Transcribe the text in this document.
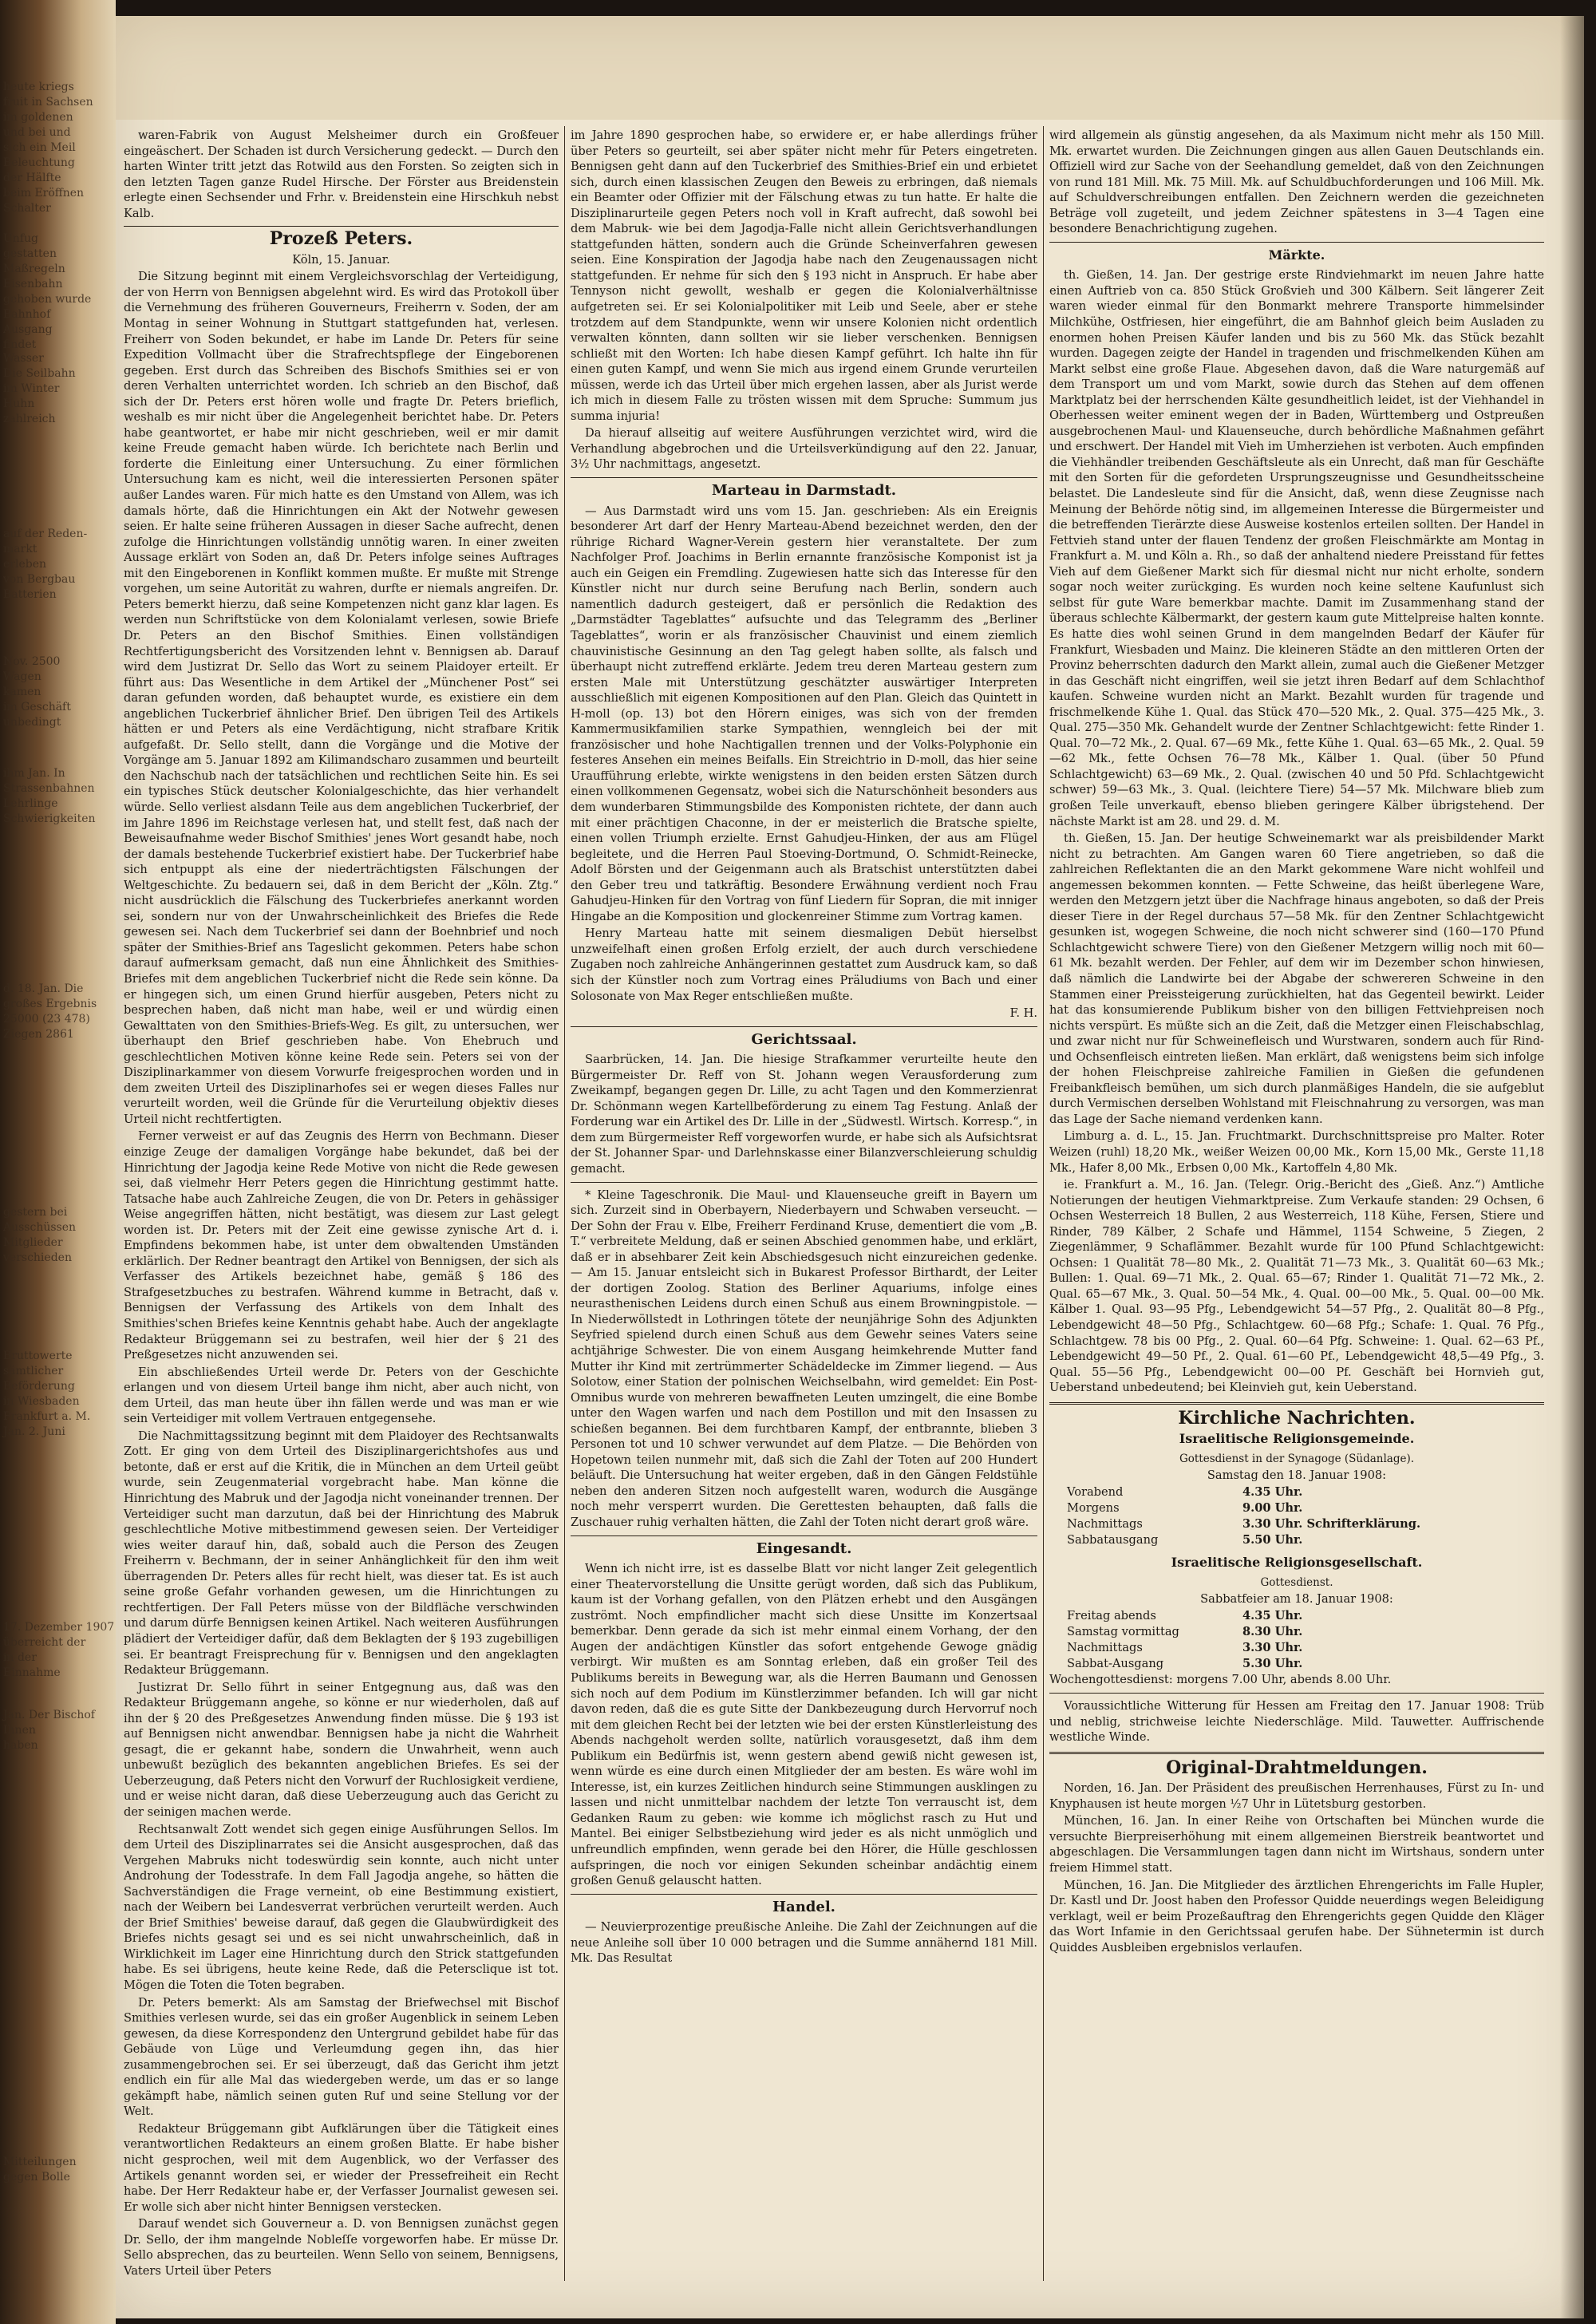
heute kriegs
fruit in Sachsen
im goldenen
und bei und
sich ein Meil
Beleuchtung
der Hälfte
beim Eröffnen
Schalter
Unfug
gestatten
Maßregeln
Eisenbahn
gehoben wurde
Bahnhof
Ausgang
findet
Wasser
Die Seilbahn
im Winter
Huhn
zahlreich
auf der Reden-
markt
erleben
von Bergbau
Batterien
Nov. 2500
Wagen
kamen
im Geschäft
unbedingt
ihm Jan. In
Strassenbahnen
Lehrlinge
Schwierigkeiten
d. 18. Jan. Die
großes Ergebnis
25000 (23 478)
Ziegen 2861
gestern bei
Ausschüssen
Mitglieder
verschieden
Bruttowerte
sämtlicher
Beförderung
in Wiesbaden
Frankfurt a. M.
Jan. 2. Juni
17. Dezember 1907
überreicht der
in der
Einnahme
Jan. Der Bischof
Ihnen
haben
Mitteilungen
gegen Bolle

waren-Fabrik von August Melsheimer durch ein Großfeuer eingeäschert. Der Schaden ist durch Versicherung gedeckt. — Durch den harten Winter tritt jetzt das Rotwild aus den Forsten. So zeigten sich in den letzten Tagen ganze Rudel Hirsche. Der Förster aus Breidenstein erlegte einen Sechsender und Frhr. v. Breidenstein eine Hirschkuh nebst Kalb.

Prozeß Peters.

Köln, 15. Januar.

Die Sitzung beginnt mit einem Vergleichsvorschlag der Verteidigung, der von Herrn von Bennigsen abgelehnt wird. Es wird das Protokoll über die Vernehmung des früheren Gouverneurs, Freiherrn v. Soden, der am Montag in seiner Wohnung in Stuttgart stattgefunden hat, verlesen. Freiherr von Soden bekundet, er habe im Lande Dr. Peters für seine Expedition Vollmacht über die Strafrechtspflege der Eingeborenen gegeben. Erst durch das Schreiben des Bischofs Smithies sei er von deren Verhalten unterrichtet worden. Ich schrieb an den Bischof, daß sich der Dr. Peters erst hören wolle und fragte Dr. Peters brieflich, weshalb es mir nicht über die Angelegenheit berichtet habe. Dr. Peters habe geantwortet, er habe mir nicht geschrieben, weil er mir damit keine Freude gemacht haben würde. Ich berichtete nach Berlin und forderte die Einleitung einer Untersuchung. Zu einer förmlichen Untersuchung kam es nicht, weil die interessierten Personen später außer Landes waren. Für mich hatte es den Umstand von Allem, was ich damals hörte, daß die Hinrichtungen ein Akt der Notwehr gewesen seien. Er halte seine früheren Aussagen in dieser Sache aufrecht, denen zufolge die Hinrichtungen vollständig unnötig waren. In einer zweiten Aussage erklärt von Soden an, daß Dr. Peters infolge seines Auftrages mit den Eingeborenen in Konflikt kommen mußte. Er mußte mit Strenge vorgehen, um seine Autorität zu wahren, durfte er niemals angreifen. Dr. Peters bemerkt hierzu, daß seine Kompetenzen nicht ganz klar lagen. Es werden nun Schriftstücke von dem Kolonialamt verlesen, sowie Briefe Dr. Peters an den Bischof Smithies. Einen vollständigen Rechtfertigungsbericht des Vorsitzenden lehnt v. Bennigsen ab. Darauf wird dem Justizrat Dr. Sello das Wort zu seinem Plaidoyer erteilt. Er führt aus: Das Wesentliche in dem Artikel der „Münchener Post“ sei daran gefunden worden, daß behauptet wurde, es existiere ein dem angeblichen Tuckerbrief ähnlicher Brief. Den übrigen Teil des Artikels hätten er und Peters als eine Verdächtigung, nicht strafbare Kritik aufgefaßt. Dr. Sello stellt, dann die Vorgänge und die Motive der Vorgänge am 5. Januar 1892 am Kilimandscharo zusammen und beurteilt den Nachschub nach der tatsächlichen und rechtlichen Seite hin. Es sei ein typisches Stück deutscher Kolonialgeschichte, das hier verhandelt würde. Sello verliest alsdann Teile aus dem angeblichen Tuckerbrief, der im Jahre 1896 im Reichstage verlesen hat, und stellt fest, daß nach der Beweisaufnahme weder Bischof Smithies' jenes Wort gesandt habe, noch der damals bestehende Tuckerbrief existiert habe. Der Tuckerbrief habe sich entpuppt als eine der niederträchtigsten Fälschungen der Weltgeschichte. Zu bedauern sei, daß in dem Bericht der „Köln. Ztg.“ nicht ausdrücklich die Fälschung des Tuckerbriefes anerkannt worden sei, sondern nur von der Unwahrscheinlichkeit des Briefes die Rede gewesen sei. Nach dem Tuckerbrief sei dann der Boehnbrief und noch später der Smithies-Brief ans Tageslicht gekommen. Peters habe schon darauf aufmerksam gemacht, daß nun eine Ähnlichkeit des Smithies-Briefes mit dem angeblichen Tuckerbrief nicht die Rede sein könne. Da er hingegen sich, um einen Grund hierfür ausgeben, Peters nicht zu besprechen haben, daß nicht man habe, weil er und würdig einen Gewalttaten von den Smithies-Briefs-Weg. Es gilt, zu untersuchen, wer überhaupt den Brief geschrieben habe. Von Ehebruch und geschlechtlichen Motiven könne keine Rede sein. Peters sei von der Disziplinarkammer von diesem Vorwurfe freigesprochen worden und in dem zweiten Urteil des Disziplinarhofes sei er wegen dieses Falles nur verurteilt worden, weil die Gründe für die Verurteilung objektiv dieses Urteil nicht rechtfertigten.

Ferner verweist er auf das Zeugnis des Herrn von Bechmann. Dieser einzige Zeuge der damaligen Vorgänge habe bekundet, daß bei der Hinrichtung der Jagodja keine Rede Motive von nicht die Rede gewesen sei, daß vielmehr Herr Peters gegen die Hinrichtung gestimmt hatte. Tatsache habe auch Zahlreiche Zeugen, die von Dr. Peters in gehässiger Weise angegriffen hätten, nicht bestätigt, was diesem zur Last gelegt worden ist. Dr. Peters mit der Zeit eine gewisse zynische Art d. i. Empfindens bekommen habe, ist unter dem obwaltenden Umständen erklärlich. Der Redner beantragt den Artikel von Bennigsen, der sich als Verfasser des Artikels bezeichnet habe, gemäß § 186 des Strafgesetzbuches zu bestrafen. Während kumme in Betracht, daß v. Bennigsen der Verfassung des Artikels von dem Inhalt des Smithies'schen Briefes keine Kenntnis gehabt habe. Auch der angeklagte Redakteur Brüggemann sei zu bestrafen, weil hier der § 21 des Preßgesetzes nicht anzuwenden sei.

Ein abschließendes Urteil werde Dr. Peters von der Geschichte erlangen und von diesem Urteil bange ihm nicht, aber auch nicht, von dem Urteil, das man heute über ihn fällen werde und was man er wie sein Verteidiger mit vollem Vertrauen entgegensehe.

Die Nachmittagssitzung beginnt mit dem Plaidoyer des Rechtsanwalts Zott. Er ging von dem Urteil des Disziplinargerichtshofes aus und betonte, daß er erst auf die Kritik, die in München an dem Urteil geübt wurde, sein Zeugenmaterial vorgebracht habe. Man könne die Hinrichtung des Mabruk und der Jagodja nicht voneinander trennen. Der Verteidiger sucht man darzutun, daß bei der Hinrichtung des Mabruk geschlechtliche Motive mitbestimmend gewesen seien. Der Verteidiger wies weiter darauf hin, daß, sobald auch die Person des Zeugen Freiherrn v. Bechmann, der in seiner Anhänglichkeit für den ihm weit überragenden Dr. Peters alles für recht hielt, was dieser tat. Es ist auch seine große Gefahr vorhanden gewesen, um die Hinrichtungen zu rechtfertigen. Der Fall Peters müsse von der Bildfläche verschwinden und darum dürfe Bennigsen keinen Artikel. Nach weiteren Ausführungen plädiert der Verteidiger dafür, daß dem Beklagten der § 193 zugebilligen sei. Er beantragt Freisprechung für v. Bennigsen und den angeklagten Redakteur Brüggemann.

Justizrat Dr. Sello führt in seiner Entgegnung aus, daß was den Redakteur Brüggemann angehe, so könne er nur wiederholen, daß auf ihn der § 20 des Preßgesetzes Anwendung finden müsse. Die § 193 ist auf Bennigsen nicht anwendbar. Bennigsen habe ja nicht die Wahrheit gesagt, die er gekannt habe, sondern die Unwahrheit, wenn auch unbewußt bezüglich des bekannten angeblichen Briefes. Es sei der Ueberzeugung, daß Peters nicht den Vorwurf der Ruchlosigkeit verdiene, und er weise nicht daran, daß diese Ueberzeugung auch das Gericht zu der seinigen machen werde.

Rechtsanwalt Zott wendet sich gegen einige Ausführungen Sellos. Im dem Urteil des Disziplinarrates sei die Ansicht ausgesprochen, daß das Vergehen Mabruks nicht todeswürdig sein konnte, auch nicht unter Androhung der Todesstrafe. In dem Fall Jagodja angehe, so hätten die Sachverständigen die Frage verneint, ob eine Bestimmung existiert, nach der Weibern bei Landesverrat verbrüchen verurteilt werden. Auch der Brief Smithies' beweise darauf, daß gegen die Glaubwürdigkeit des Briefes nichts gesagt sei und es sei nicht unwahrscheinlich, daß in Wirklichkeit im Lager eine Hinrichtung durch den Strick stattgefunden habe. Es sei übrigens, heute keine Rede, daß die Petersclique ist tot. Mögen die Toten die Toten begraben.

Dr. Peters bemerkt: Als am Samstag der Briefwechsel mit Bischof Smithies verlesen wurde, sei das ein großer Augenblick in seinem Leben gewesen, da diese Korrespondenz den Untergrund gebildet habe für das Gebäude von Lüge und Verleumdung gegen ihn, das hier zusammengebrochen sei. Er sei überzeugt, daß das Gericht ihm jetzt endlich ein für alle Mal das wiedergeben werde, um das er so lange gekämpft habe, nämlich seinen guten Ruf und seine Stellung vor der Welt.

Redakteur Brüggemann gibt Aufklärungen über die Tätigkeit eines verantwortlichen Redakteurs an einem großen Blatte. Er habe bisher nicht gesprochen, weil mit dem Augenblick, wo der Verfasser des Artikels genannt worden sei, er wieder der Pressefreiheit ein Recht habe. Der Herr Redakteur habe er, der Verfasser Journalist gewesen sei. Er wolle sich aber nicht hinter Bennigsen verstecken.

Darauf wendet sich Gouverneur a. D. von Bennigsen zunächst gegen Dr. Sello, der ihm mangelnde Nobleſſe vorgeworfen habe. Er müsse Dr. Sello absprechen, das zu beurteilen. Wenn Sello von seinem, Bennigsens, Vaters Urteil über Peters

im Jahre 1890 gesprochen habe, so erwidere er, er habe allerdings früher über Peters so geurteilt, sei aber später nicht mehr für Peters eingetreten. Bennigsen geht dann auf den Tuckerbrief des Smithies-Brief ein und erbietet sich, durch einen klassischen Zeugen den Beweis zu erbringen, daß niemals ein Beamter oder Offizier mit der Fälschung etwas zu tun hatte. Er halte die Disziplinarurteile gegen Peters noch voll in Kraft aufrecht, daß sowohl bei dem Mabruk- wie bei dem Jagodja-Falle nicht allein Gerichtsverhandlungen stattgefunden hätten, sondern auch die Gründe Scheinverfahren gewesen seien. Eine Konspiration der Jagodja habe nach den Zeugenaussagen nicht stattgefunden. Er nehme für sich den § 193 nicht in Anspruch. Er habe aber Tennyson nicht gewollt, weshalb er gegen die Kolonialverhältnisse aufgetreten sei. Er sei Kolonialpolitiker mit Leib und Seele, aber er stehe trotzdem auf dem Standpunkte, wenn wir unsere Kolonien nicht ordentlich verwalten könnten, dann sollten wir sie lieber verschenken. Bennigsen schließt mit den Worten: Ich habe diesen Kampf geführt. Ich halte ihn für einen guten Kampf, und wenn Sie mich aus irgend einem Grunde verurteilen müssen, werde ich das Urteil über mich ergehen lassen, aber als Jurist werde ich mich in diesem Falle zu trösten wissen mit dem Spruche: Summum jus summa injuria!

Da hierauf allseitig auf weitere Ausführungen verzichtet wird, wird die Verhandlung abgebrochen und die Urteilsverkündigung auf den 22. Januar, 3½ Uhr nachmittags, angesetzt.

Marteau in Darmstadt.

— Aus Darmstadt wird uns vom 15. Jan. geschrieben: Als ein Ereignis besonderer Art darf der Henry Marteau-Abend bezeichnet werden, den der rührige Richard Wagner-Verein gestern hier veranstaltete. Der zum Nachfolger Prof. Joachims in Berlin ernannte französische Komponist ist ja auch ein Geigen ein Fremdling. Zugewiesen hatte sich das Interesse für den Künstler nicht nur durch seine Berufung nach Berlin, sondern auch namentlich dadurch gesteigert, daß er persönlich die Redaktion des „Darmstädter Tageblattes“ aufsuchte und das Telegramm des „Berliner Tageblattes“, worin er als französischer Chauvinist und einem ziemlich chauvinistische Gesinnung an den Tag gelegt haben sollte, als falsch und überhaupt nicht zutreffend erklärte. Jedem treu deren Marteau gestern zum ersten Male mit Unterstützung geschätzter auswärtiger Interpreten ausschließlich mit eigenen Kompositionen auf den Plan. Gleich das Quintett in H-moll (op. 13) bot den Hörern einiges, was sich von der fremden Kammermusikfamilien starke Sympathien, wenngleich bei der mit französischer und hohe Nachtigallen trennen und der Volks-Polyphonie ein festeres Ansehen ein meines Beifalls. Ein Streichtrio in D-moll, das hier seine Uraufführung erlebte, wirkte wenigstens in den beiden ersten Sätzen durch einen vollkommenen Gegensatz, wobei sich die Naturschönheit besonders aus dem wunderbaren Stimmungsbilde des Komponisten richtete, der dann auch mit einer prächtigen Chaconne, in der er meisterlich die Bratsche spielte, einen vollen Triumph erzielte. Ernst Gahudjeu-Hinken, der aus am Flügel begleitete, und die Herren Paul Stoeving-Dortmund, O. Schmidt-Reinecke, Adolf Börsten und der Geigenmann auch als Bratschist unterstützten dabei den Geber treu und tatkräftig. Besondere Erwähnung verdient noch Frau Gahudjeu-Hinken für den Vortrag von fünf Liedern für Sopran, die mit inniger Hingabe an die Komposition und glockenreiner Stimme zum Vortrag kamen.

Henry Marteau hatte mit seinem diesmaligen Debüt hierselbst unzweifelhaft einen großen Erfolg erzielt, der auch durch verschiedene Zugaben noch zahlreiche Anhängerinnen gestattet zum Ausdruck kam, so daß sich der Künstler noch zum Vortrag eines Präludiums von Bach und einer Solosonate von Max Reger entschließen mußte.

F. H.

Gerichtssaal.

Saarbrücken, 14. Jan. Die hiesige Strafkammer verurteilte heute den Bürgermeister Dr. Reff von St. Johann wegen Verausforderung zum Zweikampf, begangen gegen Dr. Lille, zu acht Tagen und den Kommerzienrat Dr. Schönmann wegen Kartellbeförderung zu einem Tag Festung. Anlaß der Forderung war ein Artikel des Dr. Lille in der „Südwestl. Wirtsch. Korresp.“, in dem zum Bürgermeister Reff vorgeworfen wurde, er habe sich als Aufsichtsrat der St. Johanner Spar- und Darlehnskasse einer Bilanzverschleierung schuldig gemacht.

* Kleine Tageschronik. Die Maul- und Klauenseuche greift in Bayern um sich. Zurzeit sind in Oberbayern, Niederbayern und Schwaben verseucht. — Der Sohn der Frau v. Elbe, Freiherr Ferdinand Kruse, dementiert die vom „B. T.“ verbreitete Meldung, daß er seinen Abschied genommen habe, und erklärt, daß er in absehbarer Zeit kein Abschiedsgesuch nicht einzureichen gedenke. — Am 15. Januar entsleicht sich in Bukarest Professor Birthardt, der Leiter der dortigen Zoolog. Station des Berliner Aquariums, infolge eines neurasthenischen Leidens durch einen Schuß aus einem Browningpistole. — In Niederwöllstedt in Lothringen tötete der neunjährige Sohn des Adjunkten Seyfried spielend durch einen Schuß aus dem Gewehr seines Vaters seine achtjährige Schwester. Die von einem Ausgang heimkehrende Mutter fand Mutter ihr Kind mit zertrümmerter Schädeldecke im Zimmer liegend. — Aus Solotow, einer Station der polnischen Weichselbahn, wird gemeldet: Ein Post-Omnibus wurde von mehreren bewaffneten Leuten umzingelt, die eine Bombe unter den Wagen warfen und nach dem Postillon und mit den Insassen zu schießen begannen. Bei dem furchtbaren Kampf, der entbrannte, blieben 3 Personen tot und 10 schwer verwundet auf dem Platze. — Die Behörden von Hopetown teilen nunmehr mit, daß sich die Zahl der Toten auf 200 Hundert beläuft. Die Untersuchung hat weiter ergeben, daß in den Gängen Feldstühle neben den anderen Sitzen noch aufgestellt waren, wodurch die Ausgänge noch mehr versperrt wurden. Die Gerettesten behaupten, daß falls die Zuschauer ruhig verhalten hätten, die Zahl der Toten nicht derart groß wäre.

Eingesandt.

Wenn ich nicht irre, ist es dasselbe Blatt vor nicht langer Zeit gelegentlich einer Theatervorstellung die Unsitte gerügt worden, daß sich das Publikum, kaum ist der Vorhang gefallen, von den Plätzen erhebt und den Ausgängen zuströmt. Noch empfindlicher macht sich diese Unsitte im Konzertsaal bemerkbar. Denn gerade da sich ist mehr einmal einem Vorhang, der den Augen der andächtigen Künstler das sofort entgehende Gewoge gnädig verbirgt. Wir mußten es am Sonntag erleben, daß ein großer Teil des Publikums bereits in Bewegung war, als die Herren Baumann und Genossen sich noch auf dem Podium im Künstlerzimmer befanden. Ich will gar nicht davon reden, daß die es gute Sitte der Dankbezeugung durch Hervorruf noch mit dem gleichen Recht bei der letzten wie bei der ersten Künstlerleistung des Abends nachgeholt werden sollte, natürlich vorausgesetzt, daß ihm dem Publikum ein Bedürfnis ist, wenn gestern abend gewiß nicht gewesen ist, wenn würde es eine durch einen Mitglieder der am besten. Es wäre wohl im Interesse, ist, ein kurzes Zeitlichen hindurch seine Stimmungen ausklingen zu lassen und nicht unmittelbar nachdem der letzte Ton verrauscht ist, dem Gedanken Raum zu geben: wie komme ich möglichst rasch zu Hut und Mantel. Bei einiger Selbstbeziehung wird jeder es als nicht unmöglich und unfreundlich empfinden, wenn gerade bei den Hörer, die Hülle geschlossen aufspringen, die noch vor einigen Sekunden scheinbar andächtig einem großen Genuß gelauscht hatten.

Handel.

— Neuvierprozentige preußische Anleihe. Die Zahl der Zeichnungen auf die neue Anleihe soll über 10 000 betragen und die Summe annähernd 181 Mill. Mk. Das Resultat

wird allgemein als günstig angesehen, da als Maximum nicht mehr als 150 Mill. Mk. erwartet wurden. Die Zeichnungen gingen aus allen Gauen Deutschlands ein. Offiziell wird zur Sache von der Seehandlung gemeldet, daß von den Zeichnungen von rund 181 Mill. Mk. 75 Mill. Mk. auf Schuldbuchforderungen und 106 Mill. Mk. auf Schuldverschreibungen entfallen. Den Zeichnern werden die gezeichneten Beträge voll zugeteilt, und jedem Zeichner spätestens in 3—4 Tagen eine besondere Benachrichtigung zugehen.

Märkte.

th. Gießen, 14. Jan. Der gestrige erste Rindviehmarkt im neuen Jahre hatte einen Auftrieb von ca. 850 Stück Großvieh und 300 Kälbern. Seit längerer Zeit waren wieder einmal für den Bonmarkt mehrere Transporte himmelsinder Milchkühe, Ostfriesen, hier eingeführt, die am Bahnhof gleich beim Ausladen zu enormen hohen Preisen Käufer landen und bis zu 560 Mk. das Stück bezahlt wurden. Dagegen zeigte der Handel in tragenden und frischmelkenden Kühen am Markt selbst eine große Flaue. Abgesehen davon, daß die Ware naturgemäß auf dem Transport um und vom Markt, sowie durch das Stehen auf dem offenen Marktplatz bei der herrschenden Kälte gesundheitlich leidet, ist der Viehhandel in Oberhessen weiter eminent wegen der in Baden, Württemberg und Ostpreußen ausgebrochenen Maul- und Klauenseuche, durch behördliche Maßnahmen gefährt und erschwert. Der Handel mit Vieh im Umherziehen ist verboten. Auch empfinden die Viehhändler treibenden Geschäftsleute als ein Unrecht, daß man für Geschäfte mit den Sorten für die gefordeten Ursprungszeugnisse und Gesundheitsscheine belastet. Die Landesleute sind für die Ansicht, daß, wenn diese Zeugnisse nach Meinung der Behörde nötig sind, im allgemeinen Interesse die Bürgermeister und die betreffenden Tierärzte diese Ausweise kostenlos erteilen sollten. Der Handel in Fettvieh stand unter der flauen Tendenz der großen Fleischmärkte am Montag in Frankfurt a. M. und Köln a. Rh., so daß der anhaltend niedere Preisstand für fettes Vieh auf dem Gießener Markt sich für diesmal nicht nur nicht erholte, sondern sogar noch weiter zurückging. Es wurden noch keine seltene Kaufunlust sich selbst für gute Ware bemerkbar machte. Damit im Zusammenhang stand der überaus schlechte Kälbermarkt, der gestern kaum gute Mittelpreise halten konnte. Es hatte dies wohl seinen Grund in dem mangelnden Bedarf der Käufer für Frankfurt, Wiesbaden und Mainz. Die kleineren Städte an den mittleren Orten der Provinz beherrschten dadurch den Markt allein, zumal auch die Gießener Metzger in das Geschäft nicht eingriffen, weil sie jetzt ihren Bedarf auf dem Schlachthof kaufen. Schweine wurden nicht an Markt. Bezahlt wurden für tragende und frischmelkende Kühe 1. Qual. das Stück 470—520 Mk., 2. Qual. 375—425 Mk., 3. Qual. 275—350 Mk. Gehandelt wurde der Zentner Schlachtgewicht: fette Rinder 1. Qual. 70—72 Mk., 2. Qual. 67—69 Mk., fette Kühe 1. Qual. 63—65 Mk., 2. Qual. 59—62 Mk., fette Ochsen 76—78 Mk., Kälber 1. Qual. (über 50 Pfund Schlachtgewicht) 63—69 Mk., 2. Qual. (zwischen 40 und 50 Pfd. Schlachtgewicht schwer) 59—63 Mk., 3. Qual. (leichtere Tiere) 54—57 Mk. Milchware blieb zum großen Teile unverkauft, ebenso blieben geringere Kälber übrigstehend. Der nächste Markt ist am 28. und 29. d. M.

th. Gießen, 15. Jan. Der heutige Schweinemarkt war als preisbildender Markt nicht zu betrachten. Am Gangen waren 60 Tiere angetrieben, so daß die zahlreichen Reflektanten die an den Markt gekommene Ware nicht wohlfeil und angemessen bekommen konnten. — Fette Schweine, das heißt überlegene Ware, werden den Metzgern jetzt über die Nachfrage hinaus angeboten, so daß der Preis dieser Tiere in der Regel durchaus 57—58 Mk. für den Zentner Schlachtgewicht gesunken ist, wogegen Schweine, die noch nicht schwerer sind (160—170 Pfund Schlachtgewicht schwere Tiere) von den Gießener Metzgern willig noch mit 60—61 Mk. bezahlt werden. Der Fehler, auf dem wir im Dezember schon hinwiesen, daß nämlich die Landwirte bei der Abgabe der schwereren Schweine in den Stammen einer Preissteigerung zurückhielten, hat das Gegenteil bewirkt. Leider hat das konsumierende Publikum bisher von den billigen Fettviehpreisen noch nichts verspürt. Es müßte sich an die Zeit, daß die Metzger einen Fleischabschlag, und zwar nicht nur für Schweinefleisch und Wurstwaren, sondern auch für Rind- und Ochsenfleisch eintreten ließen. Man erklärt, daß wenigstens beim sich infolge der hohen Fleischpreise zahlreiche Familien in Gießen die gefundenen Freibankfleisch bemühen, um sich durch planmäßiges Handeln, die sie aufgeblut durch Vermischen derselben Wohlstand mit Fleischnahrung zu versorgen, was man das Lage der Sache niemand verdenken kann.

Limburg a. d. L., 15. Jan. Fruchtmarkt. Durchschnittspreise pro Malter. Roter Weizen (ruhl) 18,20 Mk., weißer Weizen 00,00 Mk., Korn 15,00 Mk., Gerste 11,18 Mk., Hafer 8,00 Mk., Erbsen 0,00 Mk., Kartoffeln 4,80 Mk.

ie. Frankfurt a. M., 16. Jan. (Telegr. Orig.-Bericht des „Gieß. Anz.“) Amtliche Notierungen der heutigen Viehmarktpreise. Zum Verkaufe standen: 29 Ochsen, 6 Ochsen Westerreich 18 Bullen, 2 aus Westerreich, 118 Kühe, Fersen, Stiere und Rinder, 789 Kälber, 2 Schafe und Hämmel, 1154 Schweine, 5 Ziegen, 2 Ziegenlämmer, 9 Schaflämmer. Bezahlt wurde für 100 Pfund Schlachtgewicht: Ochsen: 1 Qualität 78—80 Mk., 2. Qualität 71—73 Mk., 3. Qualität 60—63 Mk.; Bullen: 1. Qual. 69—71 Mk., 2. Qual. 65—67; Rinder 1. Qualität 71—72 Mk., 2. Qual. 65—67 Mk., 3. Qual. 50—54 Mk., 4. Qual. 00—00 Mk., 5. Qual. 00—00 Mk. Kälber 1. Qual. 93—95 Pfg., Lebendgewicht 54—57 Pfg., 2. Qualität 80—8 Pfg., Lebendgewicht 48—50 Pfg., Schlachtgew. 60—68 Pfg.; Schafe: 1. Qual. 76 Pfg., Schlachtgew. 78 bis 00 Pfg., 2. Qual. 60—64 Pfg. Schweine: 1. Qual. 62—63 Pf., Lebendgewicht 49—50 Pf., 2. Qual. 61—60 Pf., Lebendgewicht 48,5—49 Pfg., 3. Qual. 55—56 Pfg., Lebendgewicht 00—00 Pf. Geschäft bei Hornvieh gut, Ueberstand unbedeutend; bei Kleinvieh gut, kein Ueberstand.

Kirchliche Nachrichten.
Israelitische Religionsgemeinde.

Gottesdienst in der Synagoge (Südanlage).

Samstag den 18. Januar 1908:

Vorabend	4.35 Uhr.
Morgens	9.00 Uhr.
Nachmittags	3.30 Uhr. Schrifterklärung.
Sabbatausgang	5.50 Uhr.
Israelitische Religionsgesellschaft.

Gottesdienst.

Sabbatfeier am 18. Januar 1908:

Freitag abends	4.35 Uhr.
Samstag vormittag	8.30 Uhr.
Nachmittags	3.30 Uhr.
Sabbat-Ausgang	5.30 Uhr.

Wochengottesdienst: morgens 7.00 Uhr, abends 8.00 Uhr.

Voraussichtliche Witterung für Hessen am Freitag den 17. Januar 1908: Trüb und neblig, strichweise leichte Niederschläge. Mild. Tauwetter. Auffrischende westliche Winde.

Original-Drahtmeldungen.

Norden, 16. Jan. Der Präsident des preußischen Herrenhauses, Fürst zu In- und Knyphausen ist heute morgen ½7 Uhr in Lütetsburg gestorben.

München, 16. Jan. In einer Reihe von Ortschaften bei München wurde die versuchte Bierpreiserhöhung mit einem allgemeinen Bierstreik beantwortet und abgeschlagen. Die Versammlungen tagen dann nicht im Wirtshaus, sondern unter freiem Himmel statt.

München, 16. Jan. Die Mitglieder des ärztlichen Ehrengerichts im Falle Hupler, Dr. Kastl und Dr. Joost haben den Professor Quidde neuerdings wegen Beleidigung verklagt, weil er beim Prozeßauftrag den Ehrengerichts gegen Quidde den Kläger das Wort Infamie in den Gerichtssaal gerufen habe. Der Sühnetermin ist durch Quiddes Ausbleiben ergebnislos verlaufen.
